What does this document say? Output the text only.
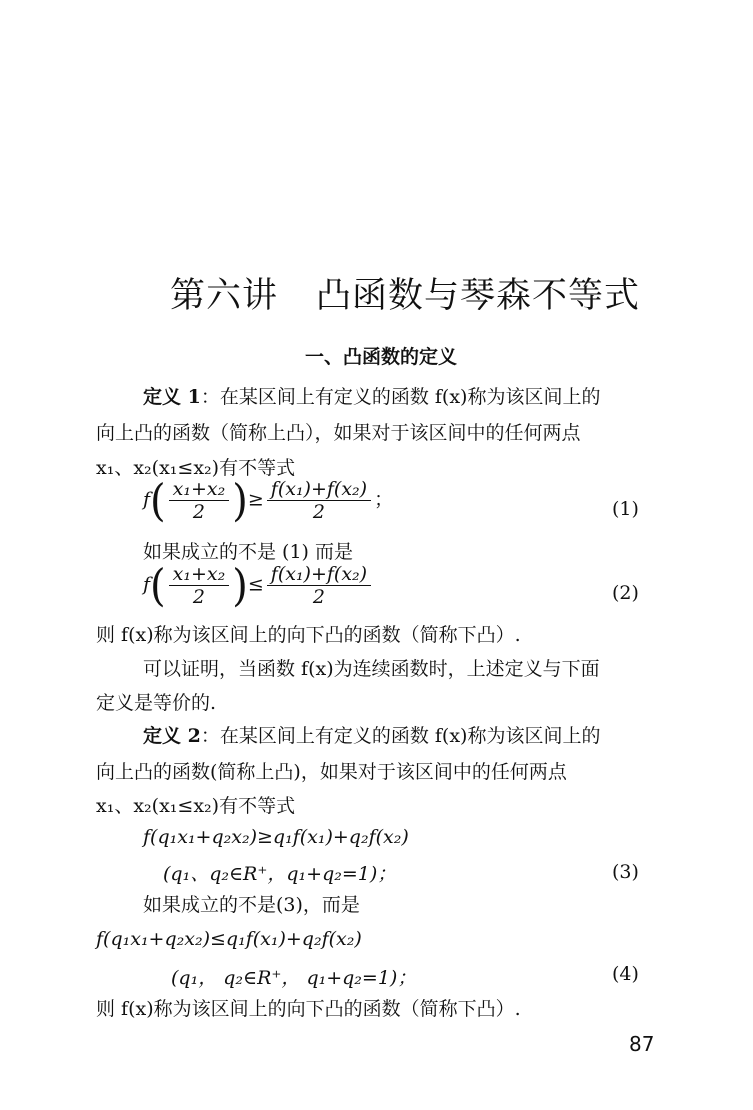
第六讲 凸函数与琴森不等式
一、凸函数的定义
定义 1：在某区间上有定义的函数 f(x)称为该区间上的
向上凸的函数（简称上凸），如果对于该区间中的任何两点
x₁、x₂(x₁≤x₂)有不等式
$f( \frac{\text{x₁+x₂}}{2}$ )≥ $\frac{\text{f(x₁)+f(x₂)}}{2}$ ；	(1)
如果成立的不是 (1) 而是
$f( \frac{\text{x₁+x₂}}{2}$ )≤ $\frac{\text{f(x₁)+f(x₂)}}{2}$	(2)
则 f(x)称为该区间上的向下凸的函数（简称下凸）.
可以证明，当函数 f(x)为连续函数时，上述定义与下面
定义是等价的.
定义 2：在某区间上有定义的函数 f(x)称为该区间上的
向上凸的函数(简称上凸)，如果对于该区间中的任何两点
x₁、x₂(x₁≤x₂)有不等式
f(q₁x₁+q₂x₂)≥q₁f(x₁)+q₂f(x₂)
(q₁、q₂∈R⁺，q₁+q₂=1)；	(3)
如果成立的不是(3)，而是
f(q₁x₁+q₂x₂)≤q₁f(x₁)+q₂f(x₂)
(q₁， q₂∈R⁺， q₁+q₂=1)；	(4)
则 f(x)称为该区间上的向下凸的函数（简称下凸）.
87
